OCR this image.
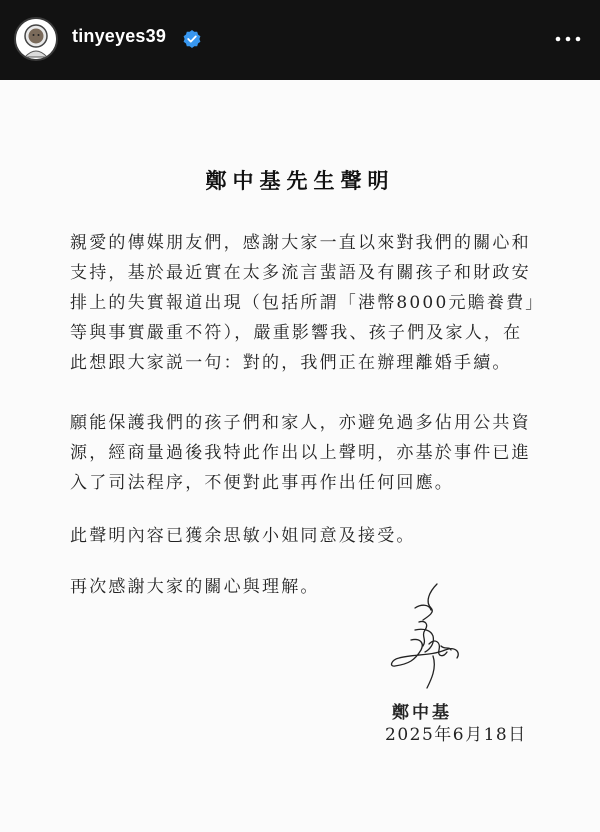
tinyeyes39
鄭中基先生聲明
親愛的傳媒朋友們，感謝大家一直以來對我們的關心和支持，基於最近實在太多流言蜚語及有關孩子和財政安排上的失實報道出現（包括所謂「港幣8000元贍養費」等與事實嚴重不符），嚴重影響我、孩子們及家人，在此想跟大家説一句：對的，我們正在辦理離婚手續。
願能保護我們的孩子們和家人，亦避免過多佔用公共資源，經商量過後我特此作出以上聲明，亦基於事件已進入了司法程序，不便對此事再作出任何回應。
此聲明內容已獲余思敏小姐同意及接受。
再次感謝大家的關心與理解。
鄭中基
2025年6月18日
